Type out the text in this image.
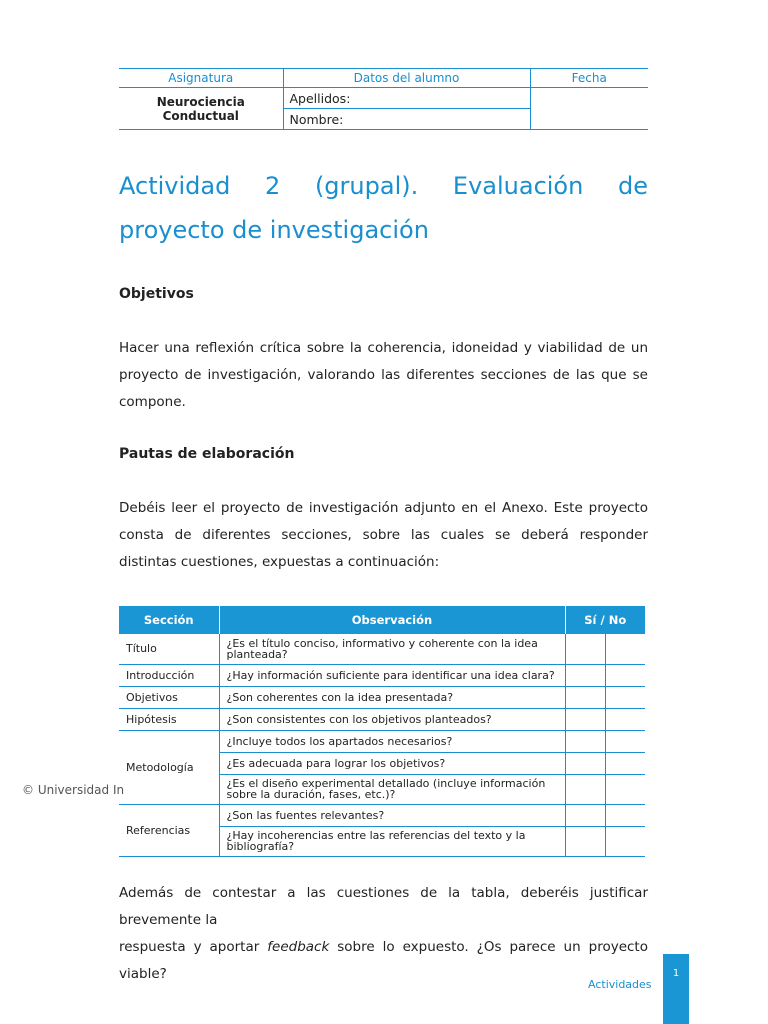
Asignatura	Datos del alumno	Fecha
Neurociencia Conductual	Apellidos:	
	Nombre:	
Actividad 2 (grupal). Evaluación de proyecto de investigación
Objetivos
Hacer una reflexión crítica sobre la coherencia, idoneidad y viabilidad de un proyecto de investigación, valorando las diferentes secciones de las que se compone.
Pautas de elaboración
Debéis leer el proyecto de investigación adjunto en el Anexo. Este proyecto consta de diferentes secciones, sobre las cuales se deberá responder distintas cuestiones, expuestas a continuación:
Sección	Observación	Sí / No	
Título	¿Es el título conciso, informativo y coherente con la idea planteada?		
Introducción	¿Hay información suficiente para identificar una idea clara?		
Objetivos	¿Son coherentes con la idea presentada?		
Hipótesis	¿Son consistentes con los objetivos planteados?		
Metodología	¿Incluye todos los apartados necesarios?		
	¿Es adecuada para lograr los objetivos?		
	¿Es el diseño experimental detallado (incluye información sobre la duración, fases, etc.)?		
Referencias	¿Son las fuentes relevantes?		
	¿Hay incoherencias entre las referencias del texto y la bibliografía?		
Además de contestar a las cuestiones de la tabla, deberéis justificar brevemente la
respuesta y aportar feedback sobre lo expuesto. ¿Os parece un proyecto viable?
© Universidad In
1
Actividades
